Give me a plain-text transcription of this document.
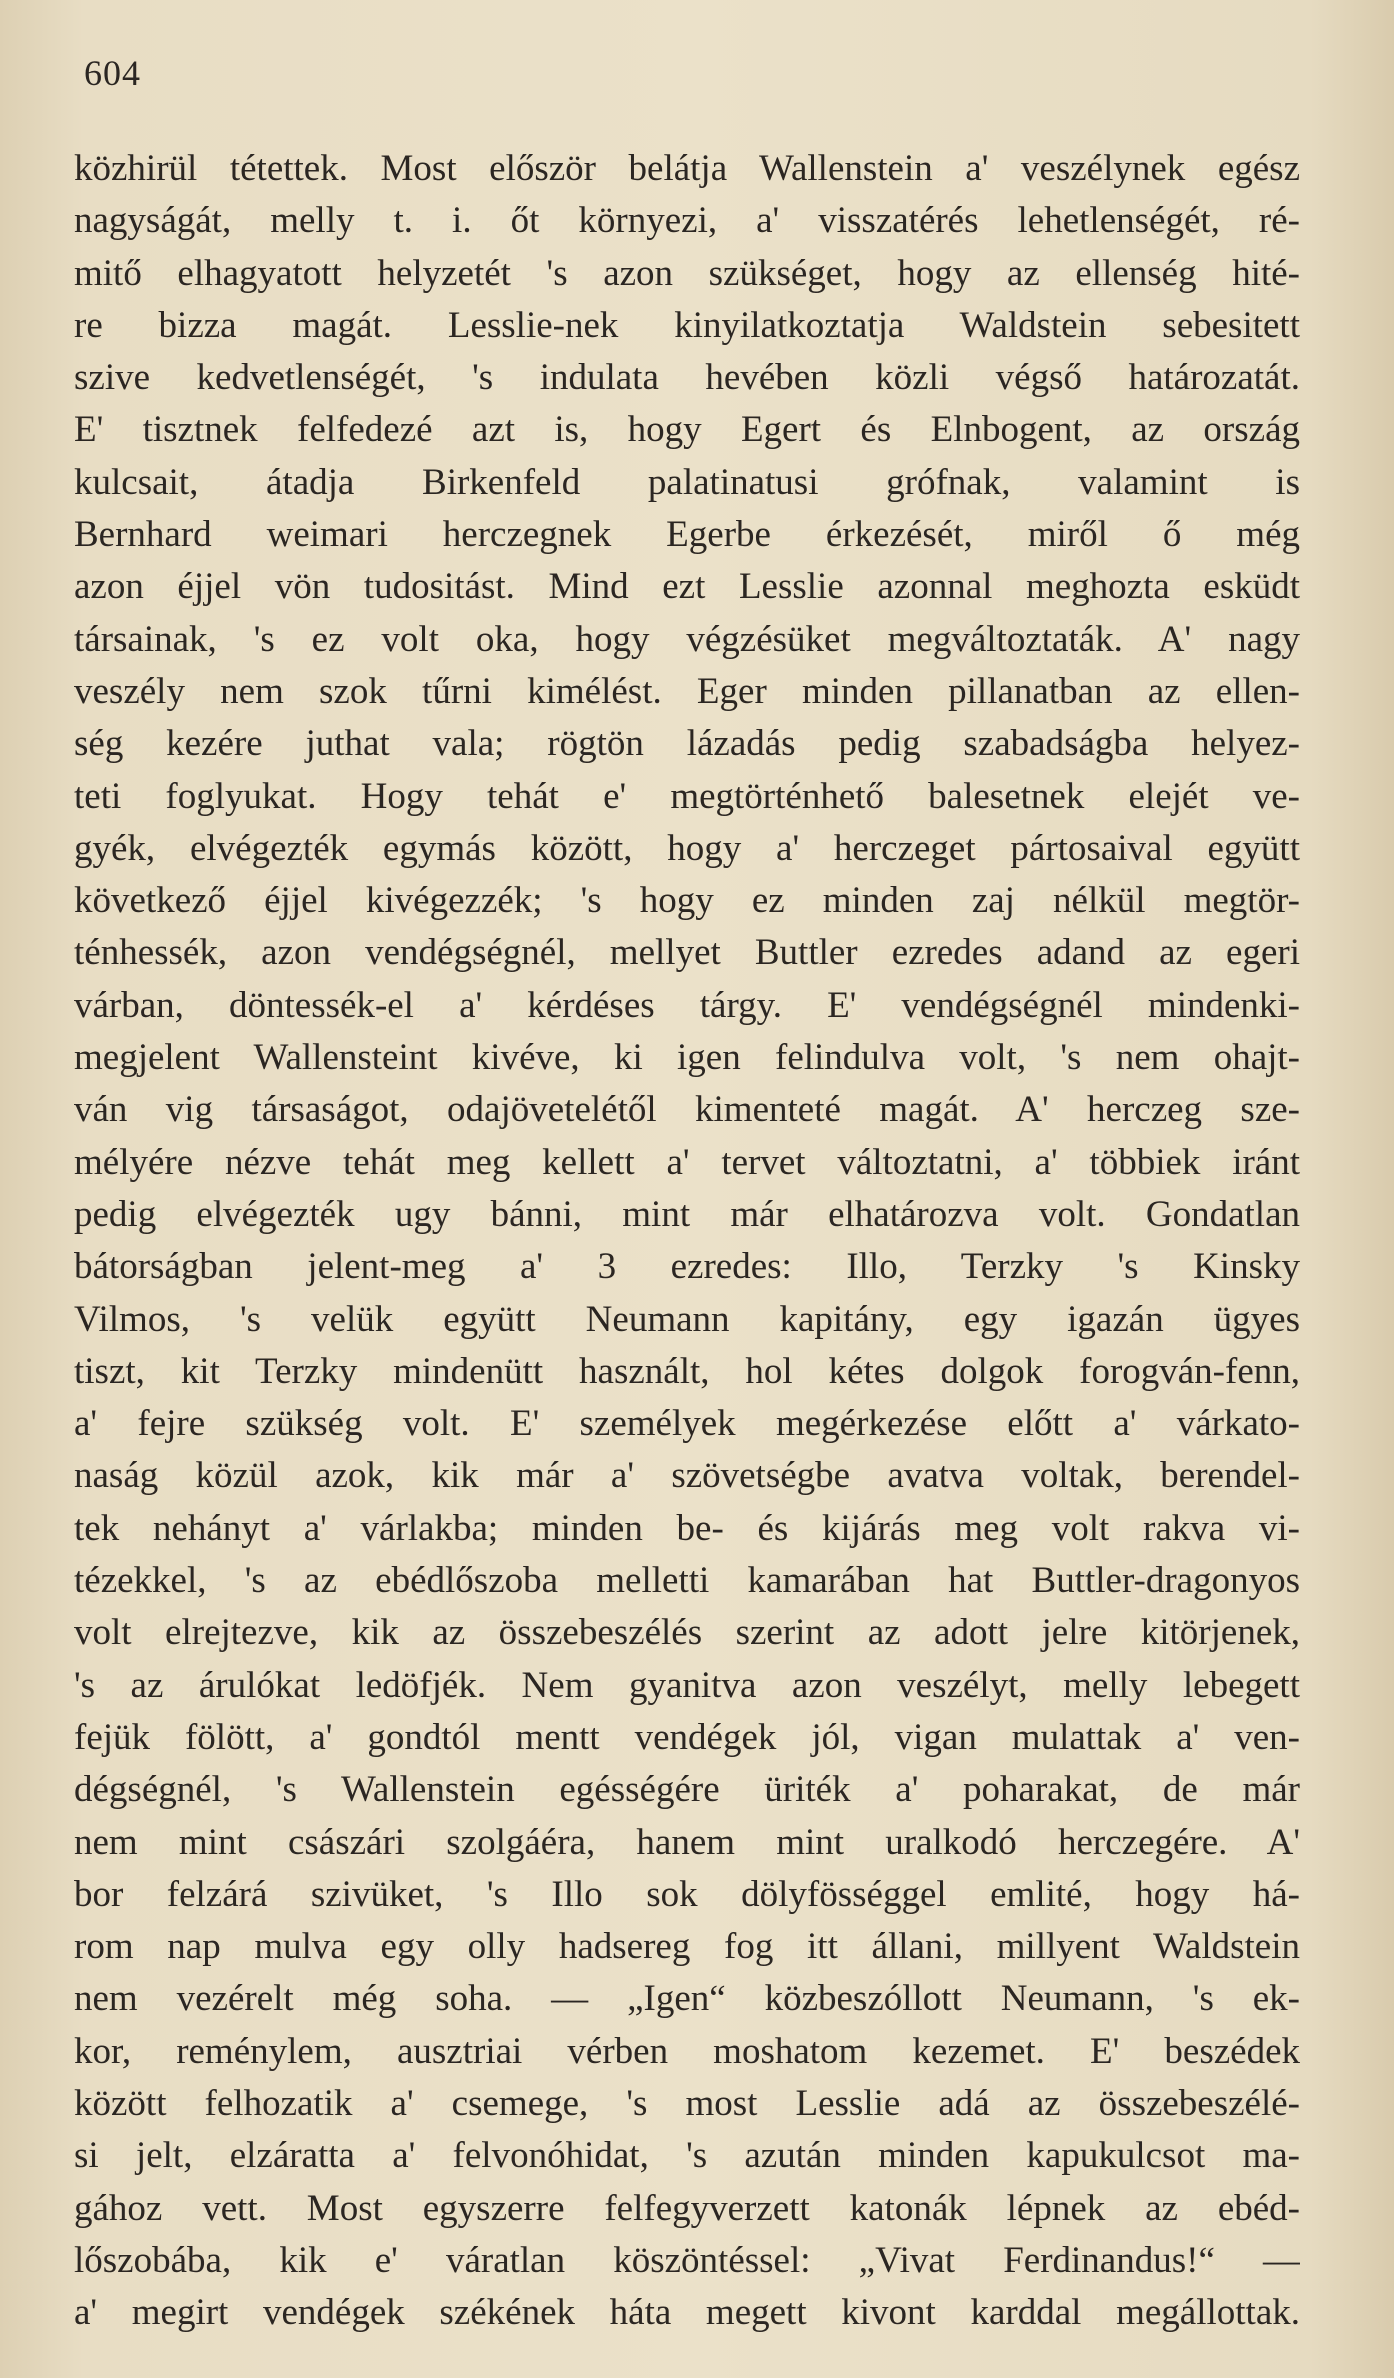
604
közhirül tétettek. Most először belátja Wallenstein a' veszélynek egész
nagyságát, melly t. i. őt környezi, a' visszatérés lehetlenségét, ré-
mitő elhagyatott helyzetét 's azon szükséget, hogy az ellenség hité-
re bizza magát. Lesslie-nek kinyilatkoztatja Waldstein sebesitett
szive kedvetlenségét, 's indulata hevében közli végső határozatát.
E' tisztnek felfedezé azt is, hogy Egert és Elnbogent, az ország
kulcsait, átadja Birkenfeld palatinatusi grófnak, valamint is
Bernhard weimari herczegnek Egerbe érkezését, miről ő még
azon éjjel vön tudositást. Mind ezt Lesslie azonnal meghozta esküdt
társainak, 's ez volt oka, hogy végzésüket megváltoztaták. A' nagy
veszély nem szok tűrni kimélést. Eger minden pillanatban az ellen-
ség kezére juthat vala; rögtön lázadás pedig szabadságba helyez-
teti foglyukat. Hogy tehát e' megtörténhető balesetnek elejét ve-
gyék, elvégezték egymás között, hogy a' herczeget pártosaival együtt
következő éjjel kivégezzék; 's hogy ez minden zaj nélkül megtör-
ténhessék, azon vendégségnél, mellyet Buttler ezredes adand az egeri
várban, döntessék-el a' kérdéses tárgy. E' vendégségnél mindenki-
megjelent Wallensteint kivéve, ki igen felindulva volt, 's nem ohajt-
ván vig társaságot, odajövetelétől kimenteté magát. A' herczeg sze-
mélyére nézve tehát meg kellett a' tervet változtatni, a' többiek iránt
pedig elvégezték ugy bánni, mint már elhatározva volt. Gondatlan
bátorságban jelent-meg a' 3 ezredes: Illo, Terzky 's Kinsky
Vilmos, 's velük együtt Neumann kapitány, egy igazán ügyes
tiszt, kit Terzky mindenütt használt, hol kétes dolgok forogván-fenn,
a' fejre szükség volt. E' személyek megérkezése előtt a' várkato-
naság közül azok, kik már a' szövetségbe avatva voltak, berendel-
tek nehányt a' várlakba; minden be- és kijárás meg volt rakva vi-
tézekkel, 's az ebédlőszoba melletti kamarában hat Buttler-dragonyos
volt elrejtezve, kik az összebeszélés szerint az adott jelre kitörjenek,
's az árulókat ledöfjék. Nem gyanitva azon veszélyt, melly lebegett
fejük fölött, a' gondtól mentt vendégek jól, vigan mulattak a' ven-
dégségnél, 's Wallenstein egésségére üriték a' poharakat, de már
nem mint császári szolgáéra, hanem mint uralkodó herczegére. A'
bor felzárá szivüket, 's Illo sok dölyfösséggel emlité, hogy há-
rom nap mulva egy olly hadsereg fog itt állani, millyent Waldstein
nem vezérelt még soha. — „Igen“ közbeszóllott Neumann, 's ek-
kor, reménylem, ausztriai vérben moshatom kezemet. E' beszédek
között felhozatik a' csemege, 's most Lesslie adá az összebeszélé-
si jelt, elzáratta a' felvonóhidat, 's azután minden kapukulcsot ma-
gához vett. Most egyszerre felfegyverzett katonák lépnek az ebéd-
lőszobába, kik e' váratlan köszöntéssel: „Vivat Ferdinandus!“ —
a' megirt vendégek székének háta megett kivont karddal megállottak.
